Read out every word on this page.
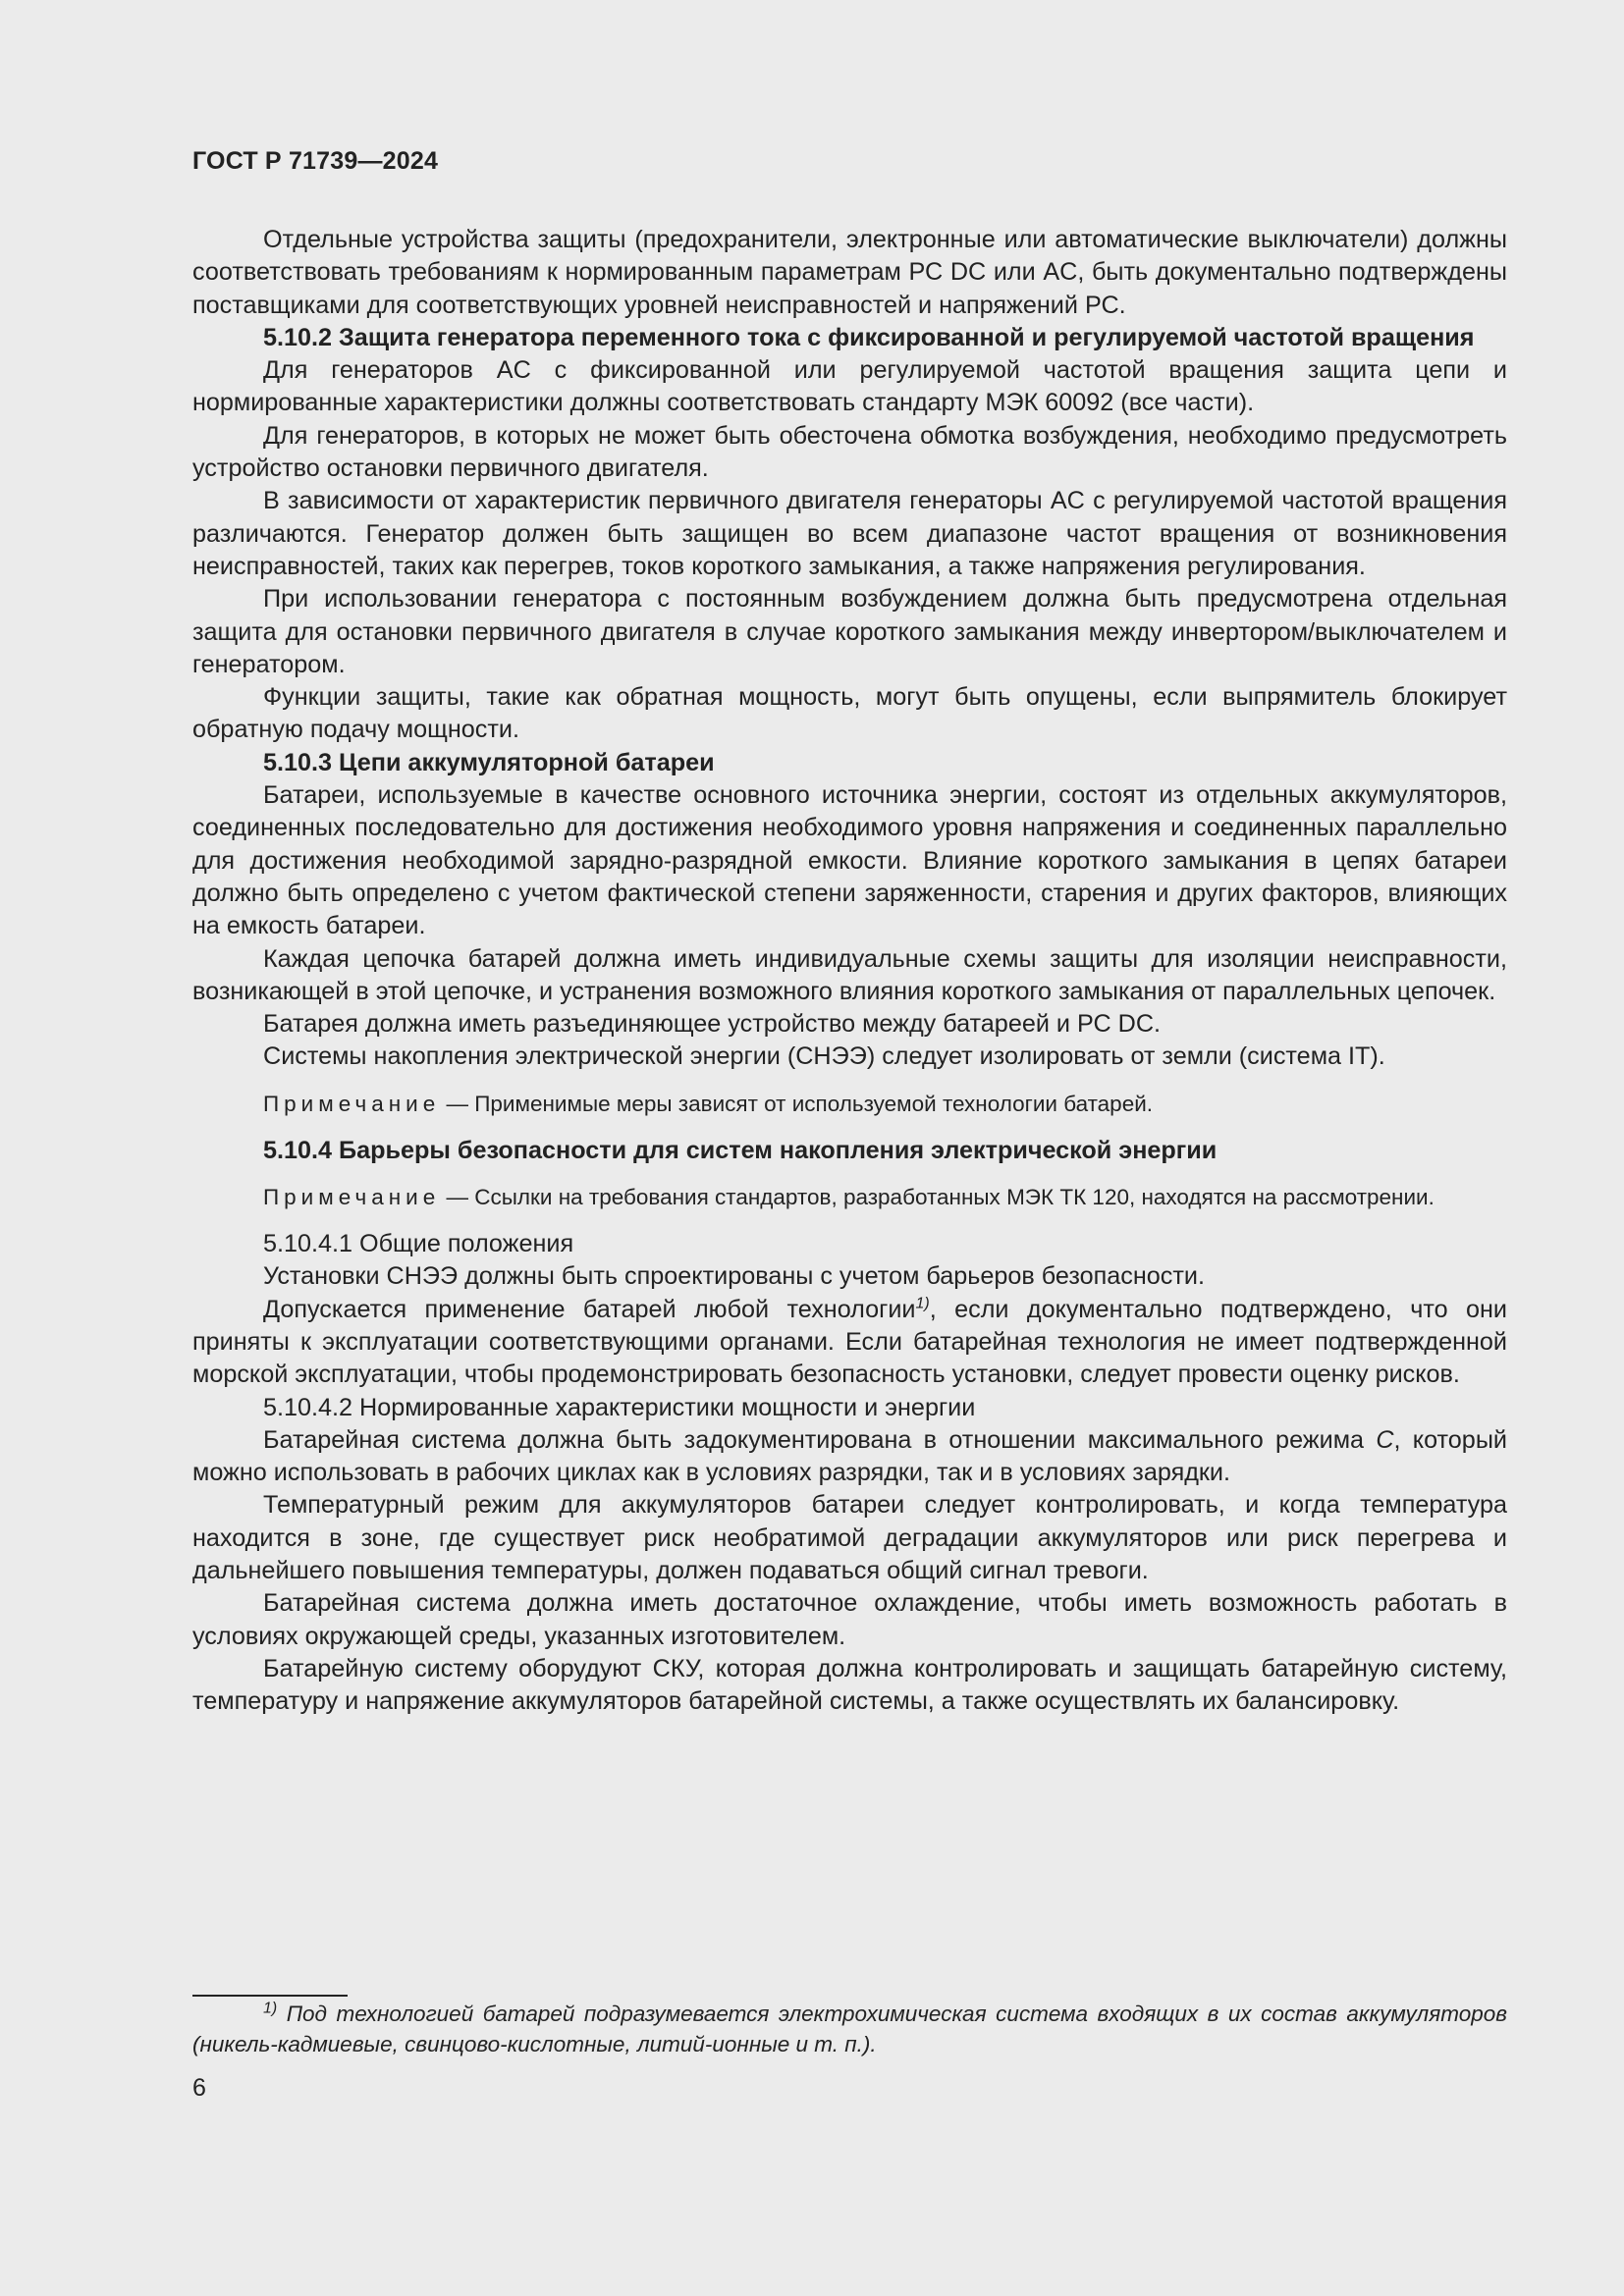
ГОСТ Р 71739—2024

Отдельные устройства защиты (предохранители, электронные или автоматические выключатели) должны соответствовать требованиям к нормированным параметрам РС DC или AC, быть документально подтверждены поставщиками для соответствующих уровней неисправностей и напряжений РС.

5.10.2 Защита генератора переменного тока с фиксированной и регулируемой частотой вращения

Для генераторов AC с фиксированной или регулируемой частотой вращения защита цепи и нормированные характеристики должны соответствовать стандарту МЭК 60092 (все части).

Для генераторов, в которых не может быть обесточена обмотка возбуждения, необходимо предусмотреть устройство остановки первичного двигателя.

В зависимости от характеристик первичного двигателя генераторы AC с регулируемой частотой вращения различаются. Генератор должен быть защищен во всем диапазоне частот вращения от возникновения неисправностей, таких как перегрев, токов короткого замыкания, а также напряжения регулирования.

При использовании генератора с постоянным возбуждением должна быть предусмотрена отдельная защита для остановки первичного двигателя в случае короткого замыкания между инвертором/выключателем и генератором.

Функции защиты, такие как обратная мощность, могут быть опущены, если выпрямитель блокирует обратную подачу мощности.

5.10.3 Цепи аккумуляторной батареи

Батареи, используемые в качестве основного источника энергии, состоят из отдельных аккумуляторов, соединенных последовательно для достижения необходимого уровня напряжения и соединенных параллельно для достижения необходимой зарядно-разрядной емкости. Влияние короткого замыкания в цепях батареи должно быть определено с учетом фактической степени заряженности, старения и других факторов, влияющих на емкость батареи.

Каждая цепочка батарей должна иметь индивидуальные схемы защиты для изоляции неисправности, возникающей в этой цепочке, и устранения возможного влияния короткого замыкания от параллельных цепочек.

Батарея должна иметь разъединяющее устройство между батареей и РС DC.

Системы накопления электрической энергии (СНЭЭ) следует изолировать от земли (система IT).

Примечание — Применимые меры зависят от используемой технологии батарей.

5.10.4 Барьеры безопасности для систем накопления электрической энергии

Примечание — Ссылки на требования стандартов, разработанных МЭК ТК 120, находятся на рассмотрении.

5.10.4.1 Общие положения

Установки СНЭЭ должны быть спроектированы с учетом барьеров безопасности.

Допускается применение батарей любой технологии$^{1)}$, если документально подтверждено, что они приняты к эксплуатации соответствующими органами. Если батарейная технология не имеет подтвержденной морской эксплуатации, чтобы продемонстрировать безопасность установки, следует провести оценку рисков.

5.10.4.2 Нормированные характеристики мощности и энергии

Батарейная система должна быть задокументирована в отношении максимального режима С, который можно использовать в рабочих циклах как в условиях разрядки, так и в условиях зарядки.

Температурный режим для аккумуляторов батареи следует контролировать, и когда температура находится в зоне, где существует риск необратимой деградации аккумуляторов или риск перегрева и дальнейшего повышения температуры, должен подаваться общий сигнал тревоги.

Батарейная система должна иметь достаточное охлаждение, чтобы иметь возможность работать в условиях окружающей среды, указанных изготовителем.

Батарейную систему оборудуют СКУ, которая должна контролировать и защищать батарейную систему, температуру и напряжение аккумуляторов батарейной системы, а также осуществлять их балансировку.

$^{1)}$ Под технологией батарей подразумевается электрохимическая система входящих в их состав аккумуляторов (никель-кадмиевые, свинцово-кислотные, литий-ионные и т. п.).

6
